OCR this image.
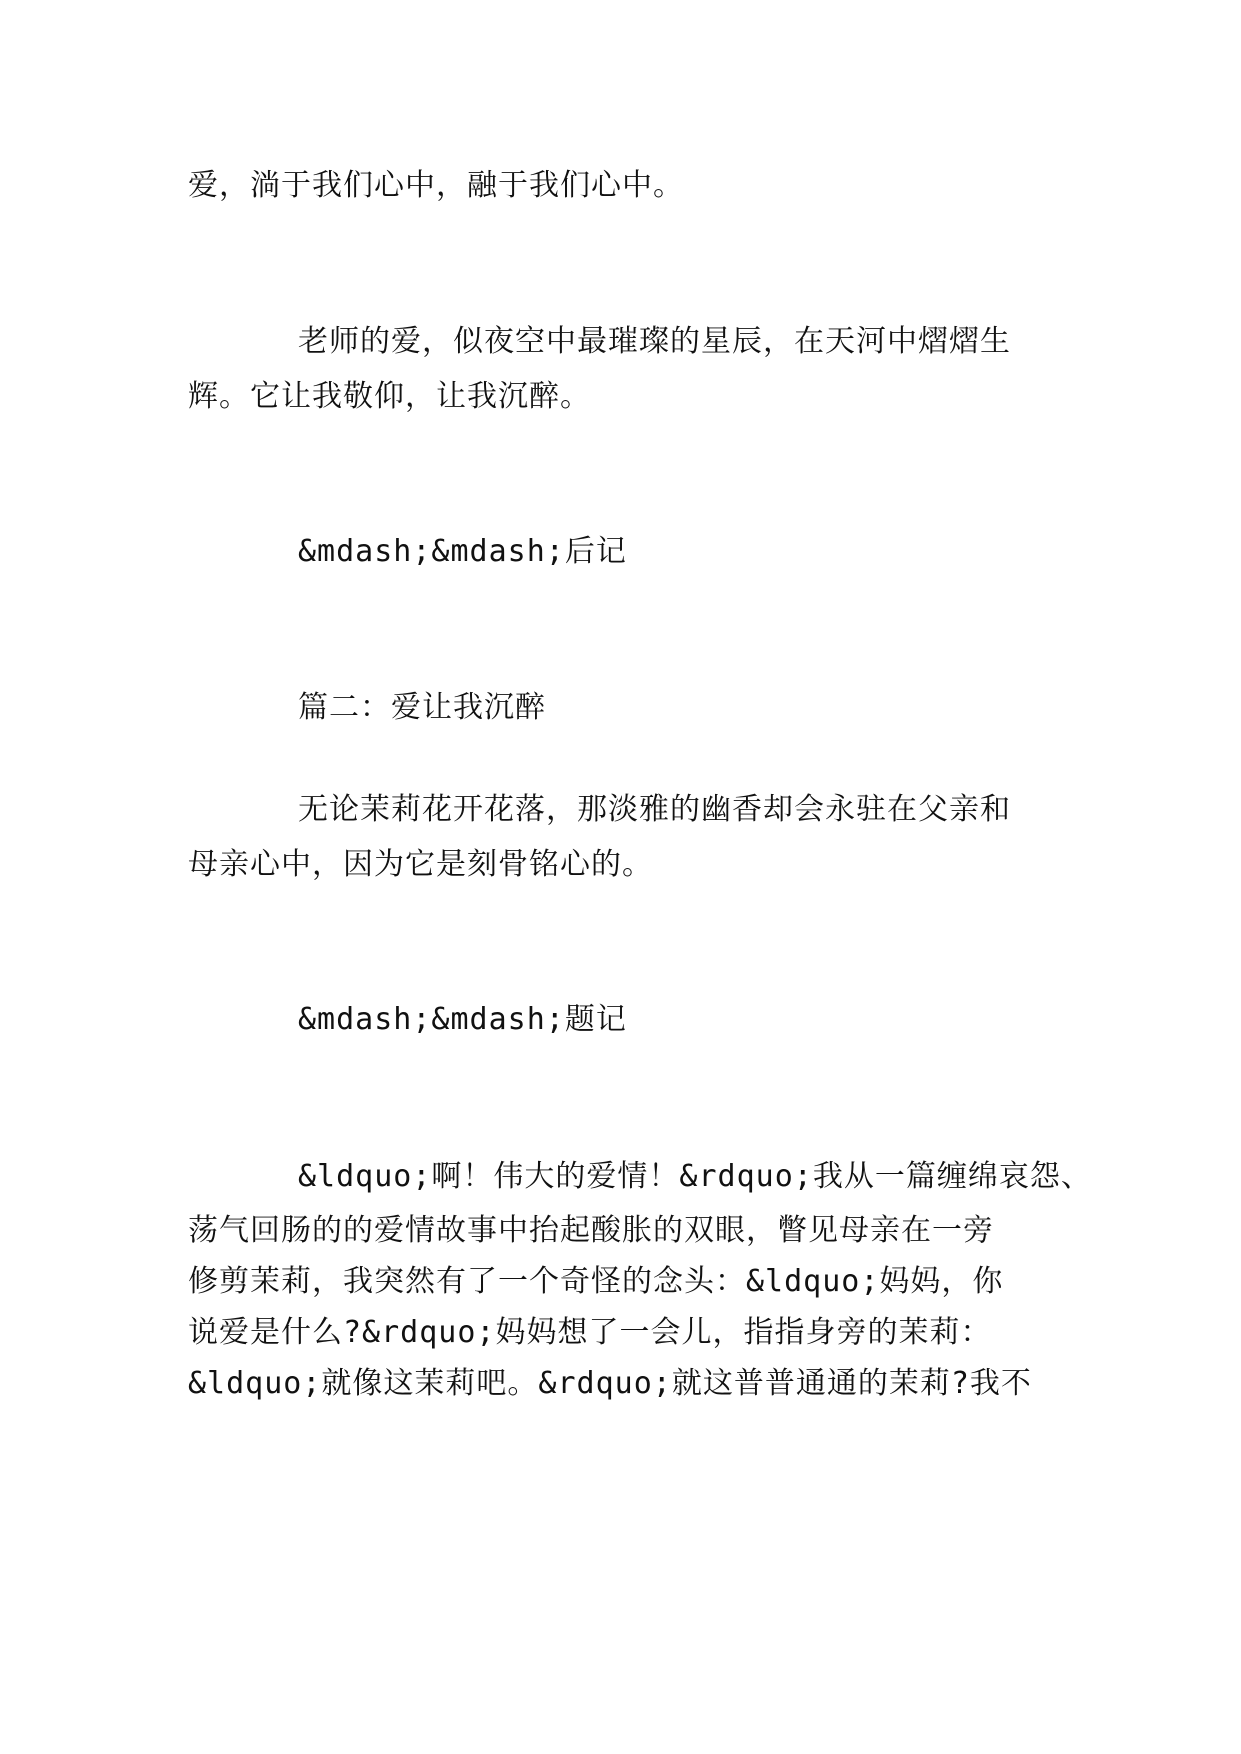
爱，淌于我们心中，融于我们心中。
老师的爱，似夜空中最璀璨的星辰，在天河中熠熠生
辉。它让我敬仰，让我沉醉。
&mdash;&mdash;后记
篇二：爱让我沉醉
无论茉莉花开花落，那淡雅的幽香却会永驻在父亲和
母亲心中，因为它是刻骨铭心的。
&mdash;&mdash;题记
&ldquo;啊！伟大的爱情！&rdquo;我从一篇缠绵哀怨、
荡气回肠的的爱情故事中抬起酸胀的双眼，瞥见母亲在一旁
修剪茉莉，我突然有了一个奇怪的念头：&ldquo;妈妈，你
说爱是什么?&rdquo;妈妈想了一会儿，指指身旁的茉莉：
&ldquo;就像这茉莉吧。&rdquo;就这普普通通的茉莉?我不
